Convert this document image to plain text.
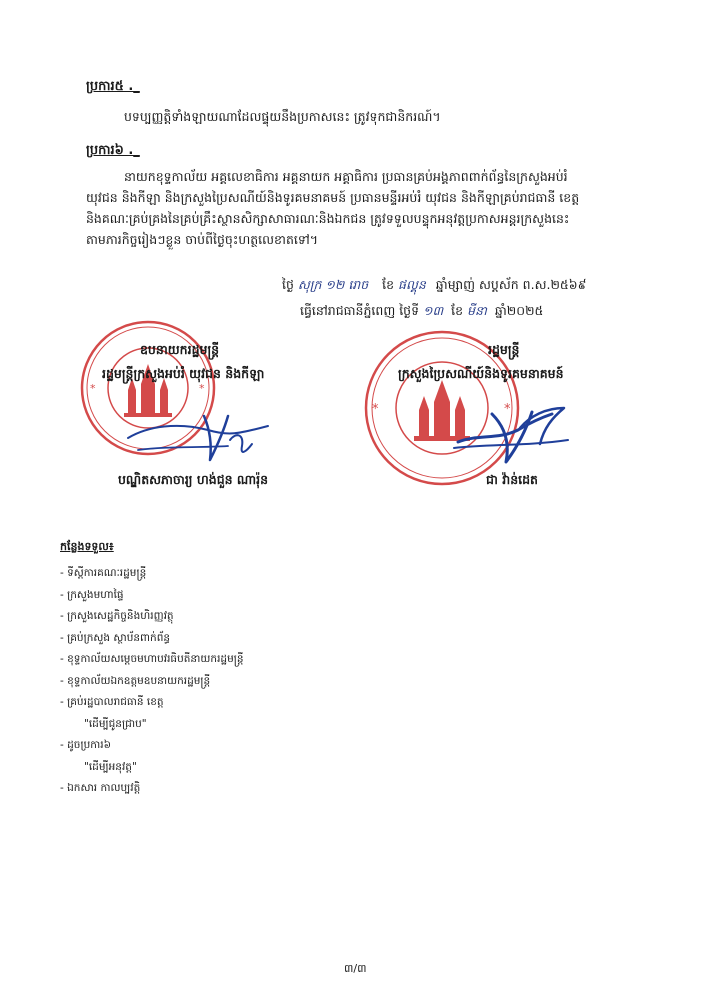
ប្រការ៥ ._
បទប្បញ្ញត្តិទាំងឡាយណាដែលផ្ទុយនឹងប្រកាសនេះ ត្រូវទុកជានិករណ៍។
ប្រការ៦ ._
នាយកខុទ្ទកាល័យ អគ្គលេខាធិការ អគ្គនាយក អគ្គាធិការ ប្រធានគ្រប់អង្គភាពពាក់ព័ន្ធនៃក្រសួងអប់រំ
យុវជន និងកីឡា និងក្រសួងប្រៃសណីយ៍និងទូរគមនាគមន៍ ប្រធានមន្ទីរអប់រំ យុវជន និងកីឡាគ្រប់រាជធានី ខេត្ត
និងគណៈគ្រប់គ្រងនៃគ្រប់គ្រឹះស្ថានសិក្សាសាធារណៈនិងឯកជន ត្រូវទទួលបន្ទុកអនុវត្តប្រកាសអន្តរក្រសួងនេះ
តាមភារកិច្ចរៀងៗខ្លួន ចាប់ពីថ្ងៃចុះហត្ថលេខាតទៅ។
ថ្ងៃ សុក្រ ១២ រោច ខែ ផល្គុន ឆ្នាំម្សាញ់ សប្តស័ក ព.ស.២៥៦៩
ធ្វើនៅរាជធានីភ្នំពេញ ថ្ងៃទី ១៣ ខែ មីនា ឆ្នាំ២០២៥
*	*
*	*
ឧបនាយករដ្ឋមន្ត្រី	រដ្ឋមន្ត្រី
រដ្ឋមន្ត្រីក្រសួងអប់រំ យុវជន និងកីឡា	ក្រសួងប្រៃសណីយ៍និងទូរគមនាគមន៍
បណ្ឌិតសភាចារ្យ ហង់ជួន ណារ៉ុន	ជា វ៉ាន់ដេត
កន្លែងទទួល៖
- ទីស្តីការគណៈរដ្ឋមន្ត្រី
- ក្រសួងមហាផ្ទៃ
- ក្រសួងសេដ្ឋកិច្ចនិងហិរញ្ញវត្ថុ
- គ្រប់ក្រសួង ស្ថាប័នពាក់ព័ន្ធ
- ខុទ្ទកាល័យសម្តេចមហាបវរធិបតីនាយករដ្ឋមន្ត្រី
- ខុទ្ទកាល័យឯកឧត្តមឧបនាយករដ្ឋមន្ត្រី
- គ្រប់រដ្ឋបាលរាជធានី ខេត្ត
"ដើម្បីជូនជ្រាប"
- ដូចប្រការ៦
"ដើម្បីអនុវត្ត"
- ឯកសារ កាលប្បវត្តិ
៣/៣
